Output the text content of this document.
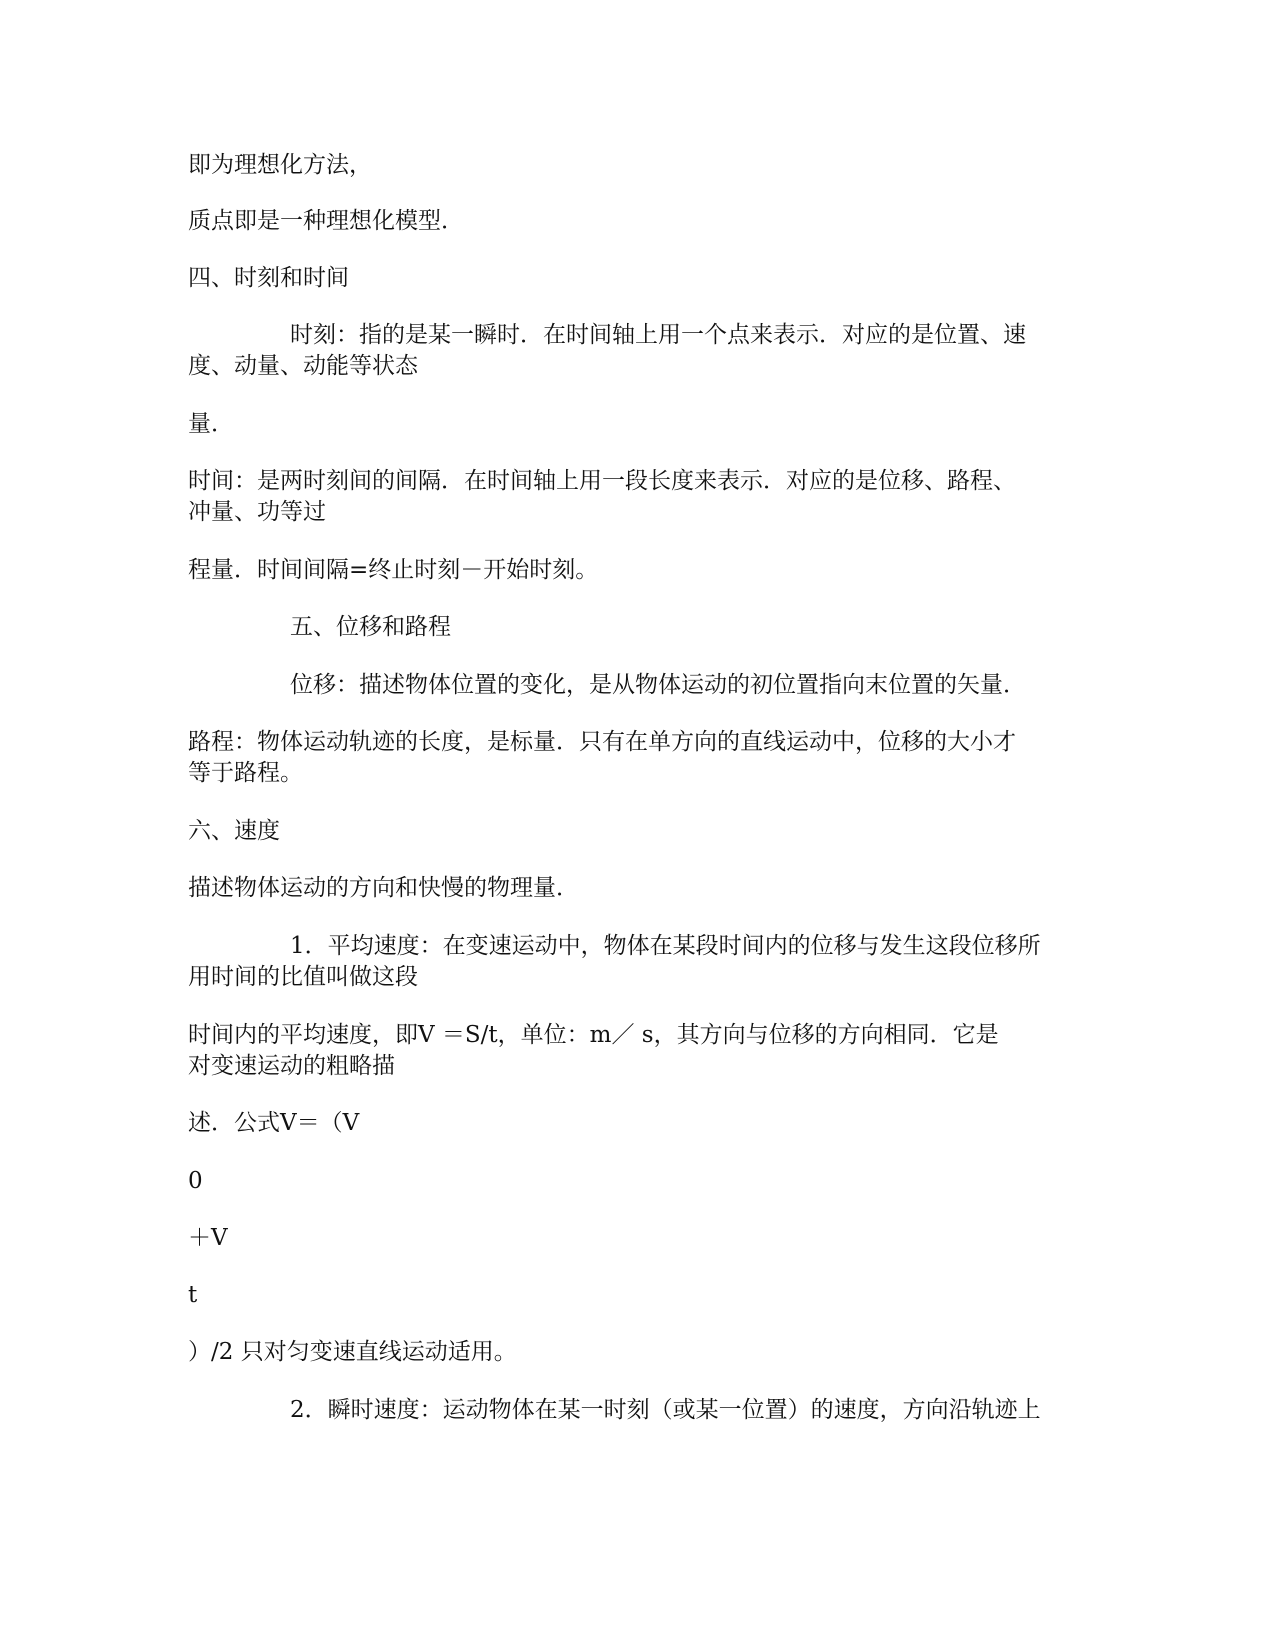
即为理想化方法，
质点即是一种理想化模型．
四、时刻和时间
时刻：指的是某一瞬时．在时间轴上用一个点来表示．对应的是位置、速
度、动量、动能等状态
量．
时间：是两时刻间的间隔．在时间轴上用一段长度来表示．对应的是位移、路程、
冲量、功等过
程量．时间间隔=终止时刻－开始时刻。
五、位移和路程
位移：描述物体位置的变化，是从物体运动的初位置指向末位置的矢量．
路程：物体运动轨迹的长度，是标量．只有在单方向的直线运动中，位移的大小才
等于路程。
六、速度
描述物体运动的方向和快慢的物理量．
1．平均速度：在变速运动中，物体在某段时间内的位移与发生这段位移所
用时间的比值叫做这段
时间内的平均速度，即V ＝S/t，单位：m／ s，其方向与位移的方向相同．它是
对变速运动的粗略描
述．公式V＝（V
0
＋V
t
）/2 只对匀变速直线运动适用。
2．瞬时速度：运动物体在某一时刻（或某一位置）的速度，方向沿轨迹上
